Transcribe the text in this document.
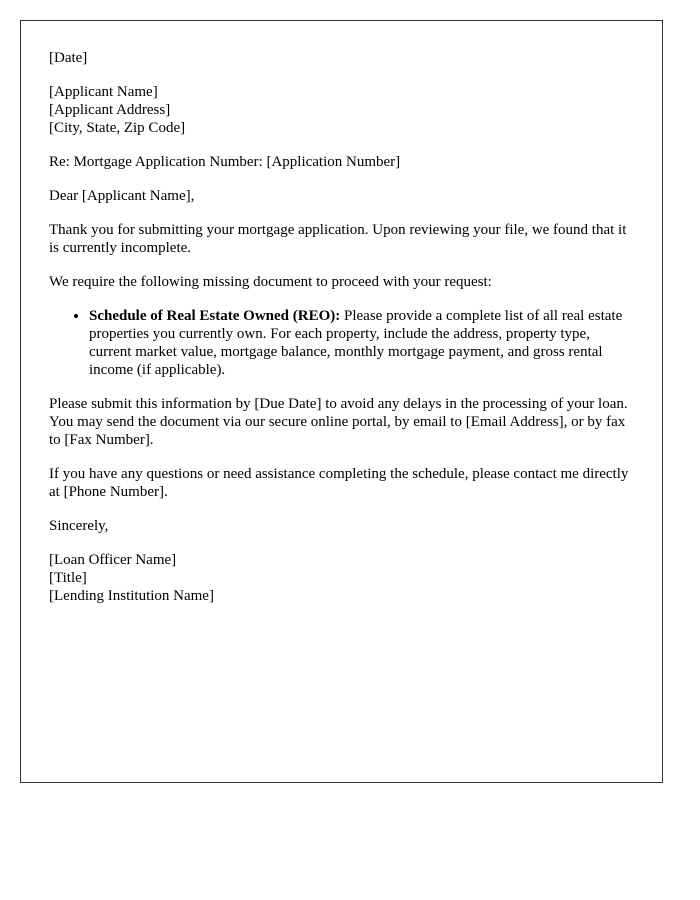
[Date]

[Applicant Name]
[Applicant Address]
[City, State, Zip Code]

Re: Mortgage Application Number: [Application Number]

Dear [Applicant Name],

Thank you for submitting your mortgage application. Upon reviewing your file, we found that it is currently incomplete.

We require the following missing document to proceed with your request:

• Schedule of Real Estate Owned (REO): Please provide a complete list of all real estate properties you currently own. For each property, include the address, property type, current market value, mortgage balance, monthly mortgage payment, and gross rental income (if applicable).

Please submit this information by [Due Date] to avoid any delays in the processing of your loan. You may send the document via our secure online portal, by email to [Email Address], or by fax to [Fax Number].

If you have any questions or need assistance completing the schedule, please contact me directly at [Phone Number].

Sincerely,

[Loan Officer Name]
[Title]
[Lending Institution Name]
